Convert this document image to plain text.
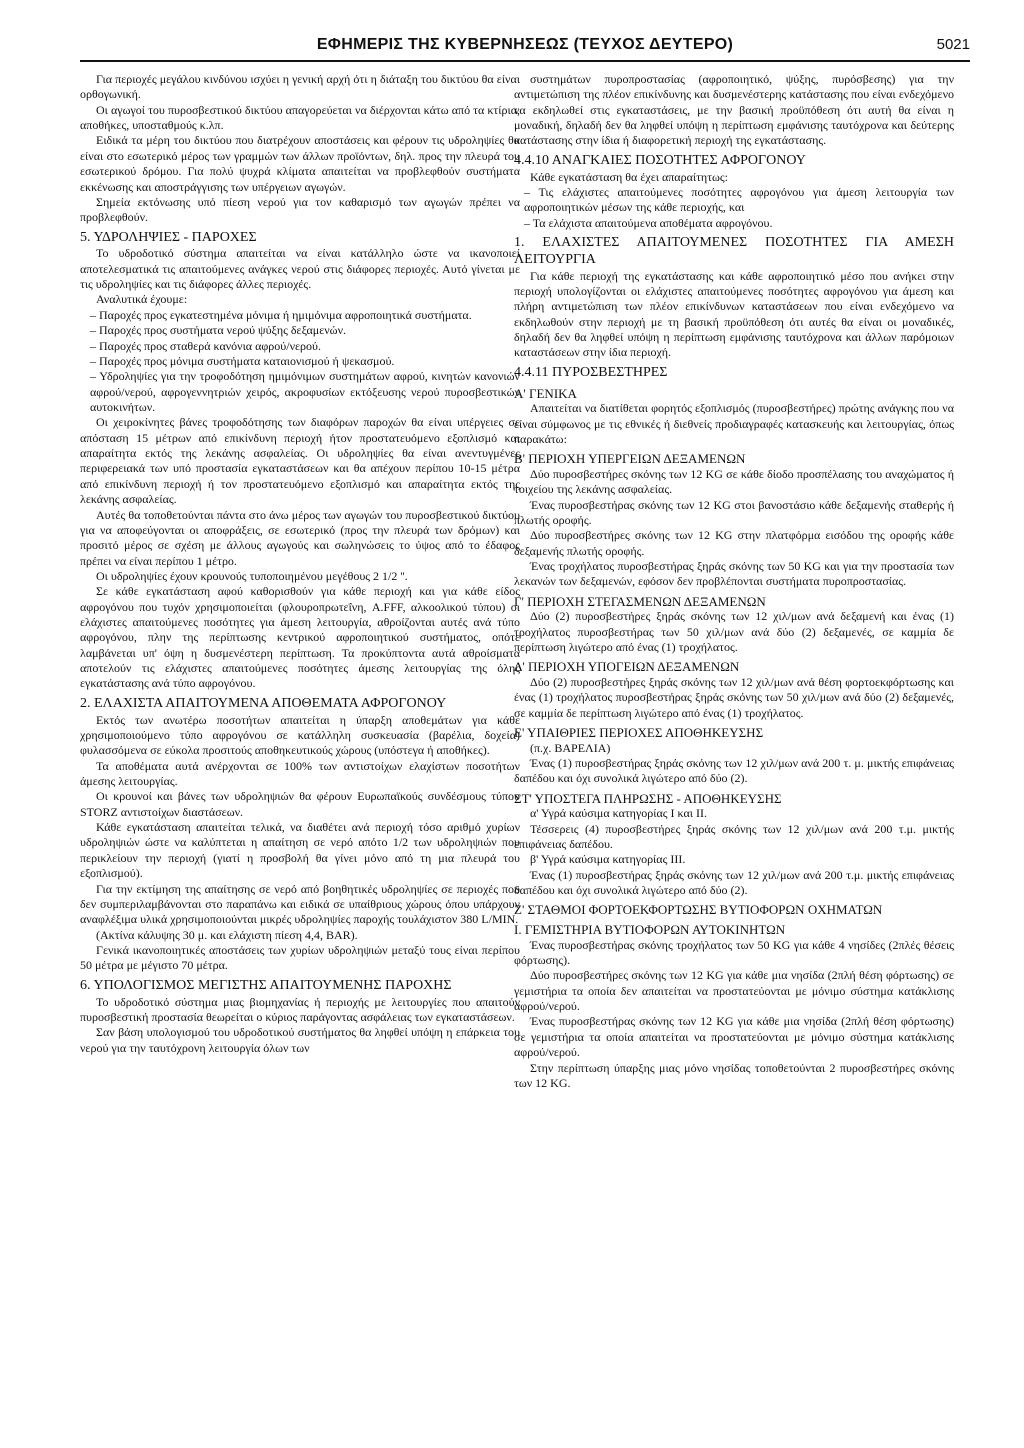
ΕΦΗΜΕΡΙΣ ΤΗΣ ΚΥΒΕΡΝΗΣΕΩΣ (ΤΕΥΧΟΣ ΔΕΥΤΕΡΟ)	5021

Για περιοχές μεγάλου κινδύνου ισχύει η γενική αρχή ότι η διάταξη του δικτύου θα είναι ορθογωνική.

Οι αγωγοί του πυροσβεστικού δικτύου απαγορεύεται να διέρχονται κάτω από τα κτίρια, αποθήκες, υποσταθμούς κ.λπ.

Ειδικά τα μέρη του δικτύου που διατρέχουν αποστάσεις και φέρουν τις υδροληψίες θα είναι στο εσωτερικό μέρος των γραμμών των άλλων προϊόντων, δηλ. προς την πλευρά του εσωτερικού δρόμου. Για πολύ ψυχρά κλίματα απαιτείται να προβλεφθούν συστήματα εκκένωσης και αποστράγγισης των υπέργειων αγωγών.

Σημεία εκτόνωσης υπό πίεση νερού για τον καθαρισμό των αγωγών πρέπει να προβλεφθούν.

5. ΥΔΡΟΛΗΨΙΕΣ - ΠΑΡΟΧΕΣ

Το υδροδοτικό σύστημα απαιτείται να είναι κατάλληλο ώστε να ικανοποιεί αποτελεσματικά τις απαιτούμενες ανάγκες νερού στις διάφορες περιοχές. Αυτό γίνεται με τις υδροληψίες και τις διάφορες άλλες περιοχές.

Αναλυτικά έχουμε:

– Παροχές προς εγκατεστημένα μόνιμα ή ημιμόνιμα αφροποιητικά συστήματα.

– Παροχές προς συστήματα νερού ψύξης δεξαμενών.

– Παροχές προς σταθερά κανόνια αφρού/νερού.

– Παροχές προς μόνιμα συστήματα καταιονισμού ή ψεκασμού.

– Υδροληψίες για την τροφοδότηση ημιμόνιμων συστημάτων αφρού, κινητών κανονιών αφρού/νερού, αφρογεννητριών χειρός, ακροφυσίων εκτόξευσης νερού πυροσβεστικών αυτοκινήτων.

Οι χειροκίνητες βάνες τροφοδότησης των διαφόρων παροχών θα είναι υπέργειες σε απόσταση 15 μέτρων από επικίνδυνη περιοχή ήτον προστατευόμενο εξοπλισμό και απαραίτητα εκτός της λεκάνης ασφαλείας. Οι υδροληψίες θα είναι ανεντυγμένες περιφερειακά των υπό προστασία εγκαταστάσεων και θα απέχουν περίπου 10-15 μέτρα από επικίνδυνη περιοχή ή τον προστατευόμενο εξοπλισμό και απαραίτητα εκτός της λεκάνης ασφαλείας.

Αυτές θα τοποθετούνται πάντα στο άνω μέρος των αγωγών του πυροσβεστικού δικτύου για να αποφεύγονται οι αποφράξεις, σε εσωτερικό (προς την πλευρά των δρόμων) και προσιτό μέρος σε σχέση με άλλους αγωγούς και σωληνώσεις το ύψος από το έδαφος πρέπει να είναι περίπου 1 μέτρο.

Οι υδροληψίες έχουν κρουνούς τυποποιημένου μεγέθους 2 1/2 ''.

Σε κάθε εγκατάσταση αφού καθορισθούν για κάθε περιοχή και για κάθε είδος αφρογόνου που τυχόν χρησιμοποιείται (φλουροπρωτεΐνη, A.FFF, αλκοολικού τύπου) οι ελάχιστες απαιτούμενες ποσότητες για άμεση λειτουργία, αθροίζονται αυτές ανά τύπο αφρογόνου, πλην της περίπτωσης κεντρικού αφροποιητικού συστήματος, οπότε λαμβάνεται υπ' όψη η δυσμενέστερη περίπτωση. Τα προκύπτοντα αυτά αθροίσματα αποτελούν τις ελάχιστες απαιτούμενες ποσότητες άμεσης λειτουργίας της όλης εγκατάστασης ανά τύπο αφρογόνου.

2. ΕΛΑΧΙΣΤΑ ΑΠΑΙΤΟΥΜΕΝΑ ΑΠΟΘΕΜΑΤΑ ΑΦΡΟΓΟΝΟΥ

Εκτός των ανωτέρω ποσοτήτων απαιτείται η ύπαρξη αποθεμάτων για κάθε χρησιμοποιούμενο τύπο αφρογόνου σε κατάλληλη συσκευασία (βαρέλια, δοχεία) φυλασσόμενα σε εύκολα προσιτούς αποθηκευτικούς χώρους (υπόστεγα ή αποθήκες).

Τα αποθέματα αυτά ανέρχονται σε 100% των αντιστοίχων ελαχίστων ποσοτήτων άμεσης λειτουργίας.

Οι κρουνοί και βάνες των υδροληψιών θα φέρουν Ευρωπαϊκούς συνδέσμους τύπου STORZ αντιστοίχων διαστάσεων.

Κάθε εγκατάσταση απαιτείται τελικά, να διαθέτει ανά περιοχή τόσο αριθμό χυρίων υδροληψιών ώστε να καλύπτεται η απαίτηση σε νερό απότο 1/2 των υδροληψιών που περικλείουν την περιοχή (γιατί η προσβολή θα γίνει μόνο από τη μια πλευρά του εξοπλισμού).

Για την εκτίμηση της απαίτησης σε νερό από βοηθητικές υδροληψίες σε περιοχές που δεν συμπεριλαμβάνονται στο παραπάνω και ειδικά σε υπαίθριους χώρους όπου υπάρχουν αναφλέξιμα υλικά χρησιμοποιούνται μικρές υδροληψίες παροχής τουλάχιστον 380 L/MIN.

(Ακτίνα κάλυψης 30 μ. και ελάχιστη πίεση 4,4, BAR).

Γενικά ικανοποιητικές αποστάσεις των χυρίων υδροληψιών μεταξύ τους είναι περίπου 50 μέτρα με μέγιστο 70 μέτρα.

6. ΥΠΟΛΟΓΙΣΜΟΣ ΜΕΓΙΣΤΗΣ ΑΠΑΙΤΟΥΜΕΝΗΣ ΠΑΡΟΧΗΣ

Το υδροδοτικό σύστημα μιας βιομηχανίας ή περιοχής με λειτουργίες που απαιτούν πυροσβεστική προστασία θεωρείται ο κύριος παράγοντας ασφάλειας των εγκαταστάσεων.

Σαν βάση υπολογισμού του υδροδοτικού συστήματος θα ληφθεί υπόψη η επάρκεια του νερού για την ταυτόχρονη λειτουργία όλων των

συστημάτων πυροπροστασίας (αφροποιητικό, ψύξης, πυρόσβεσης) για την αντιμετώπιση της πλέον επικίνδυνης και δυσμενέστερης κατάστασης που είναι ενδεχόμενο να εκδηλωθεί στις εγκαταστάσεις, με την βασική προϋπόθεση ότι αυτή θα είναι η μοναδική, δηλαδή δεν θα ληφθεί υπόψη η περίπτωση εμφάνισης ταυτόχρονα και δεύτερης κατάστασης στην ίδια ή διαφορετική περιοχή της εγκατάστασης.

4.4.10 ΑΝΑΓΚΑΙΕΣ ΠΟΣΟΤΗΤΕΣ ΑΦΡΟΓΟΝΟΥ

Κάθε εγκατάσταση θα έχει απαραίτητως:

– Τις ελάχιστες απαιτούμενες ποσότητες αφρογόνου για άμεση λειτουργία των αφροποιητικών μέσων της κάθε περιοχής, και

– Τα ελάχιστα απαιτούμενα αποθέματα αφρογόνου.

1. ΕΛΑΧΙΣΤΕΣ ΑΠΑΙΤΟΥΜΕΝΕΣ ΠΟΣΟΤΗΤΕΣ ΓΙΑ ΑΜΕΣΗ ΛΕΙΤΟΥΡΓΙΑ

Για κάθε περιοχή της εγκατάστασης και κάθε αφροποιητικό μέσο που ανήκει στην περιοχή υπολογίζονται οι ελάχιστες απαιτούμενες ποσότητες αφρογόνου για άμεση και πλήρη αντιμετώπιση των πλέον επικίνδυνων καταστάσεων που είναι ενδεχόμενο να εκδηλωθούν στην περιοχή με τη βασική προϋπόθεση ότι αυτές θα είναι οι μοναδικές, δηλαδή δεν θα ληφθεί υπόψη η περίπτωση εμφάνισης ταυτόχρονα και άλλων παρόμοιων καταστάσεων στην ίδια περιοχή.

4.4.11 ΠΥΡΟΣΒΕΣΤΗΡΕΣ

Α' ΓΕΝΙΚΑ

Απαιτείται να διατίθεται φορητός εξοπλισμός (πυροσβεστήρες) πρώτης ανάγκης που να είναι σύμφωνος με τις εθνικές ή διεθνείς προδιαγραφές κατασκευής και λειτουργίας, όπως παρακάτω:

Β' ΠΕΡΙΟΧΗ ΥΠΕΡΓΕΙΩΝ ΔΕΞΑΜΕΝΩΝ

Δύο πυροσβεστήρες σκόνης των 12 KG σε κάθε δίοδο προσπέλασης του αναχώματος ή τοιχείου της λεκάνης ασφαλείας.

Ένας πυροσβεστήρας σκόνης των 12 KG στοι βανοστάσιο κάθε δεξαμενής σταθερής ή πλωτής οροφής.

Δύο πυροσβεστήρες σκόνης των 12 KG στην πλατφόρμα εισόδου της οροφής κάθε δεξαμενής πλωτής οροφής.

Ένας τροχήλατος πυροσβεστήρας ξηράς σκόνης των 50 KG και για την προστασία των λεκανών των δεξαμενών, εφόσον δεν προβλέπονται συστήματα πυροπροστασίας.

Γ' ΠΕΡΙΟΧΗ ΣΤΕΓΑΣΜΕΝΩΝ ΔΕΞΑΜΕΝΩΝ

Δύο (2) πυροσβεστήρες ξηράς σκόνης των 12 χιλ/μων ανά δεξαμενή και ένας (1) τροχήλατος πυροσβεστήρας των 50 χιλ/μων ανά δύο (2) δεξαμενές, σε καμμία δε περίπτωση λιγώτερο από ένας (1) τροχήλατος.

Δ' ΠΕΡΙΟΧΗ ΥΠΟΓΕΙΩΝ ΔΕΞΑΜΕΝΩΝ

Δύο (2) πυροσβεστήρες ξηράς σκόνης των 12 χιλ/μων ανά θέση φορτοεκφόρτωσης και ένας (1) τροχήλατος πυροσβεστήρας ξηράς σκόνης των 50 χιλ/μων ανά δύο (2) δεξαμενές, σε καμμία δε περίπτωση λιγώτερο από ένας (1) τροχήλατος.

Ε' ΥΠΑΙΘΡΙΕΣ ΠΕΡΙΟΧΕΣ ΑΠΟΘΗΚΕΥΣΗΣ

(π.χ. ΒΑΡΕΛΙΑ)

Ένας (1) πυροσβεστήρας ξηράς σκόνης των 12 χιλ/μων ανά 200 τ. μ. μικτής επιφάνειας δαπέδου και όχι συνολικά λιγώτερο από δύο (2).

ΣΤ' ΥΠΟΣΤΕΓΑ ΠΛΗΡΩΣΗΣ - ΑΠΟΘΗΚΕΥΣΗΣ

α' Υγρά καύσιμα κατηγορίας Ι και ΙΙ.

Τέσσερεις (4) πυροσβεστήρες ξηράς σκόνης των 12 χιλ/μων ανά 200 τ.μ. μικτής επιφάνειας δαπέδου.

β' Υγρά καύσιμα κατηγορίας ΙΙΙ.

Ένας (1) πυροσβεστήρας ξηράς σκόνης των 12 χιλ/μων ανά 200 τ.μ. μικτής επιφάνειας δαπέδου και όχι συνολικά λιγώτερο από δύο (2).

Ζ' ΣΤΑΘΜΟΙ ΦΟΡΤΟΕΚΦΟΡΤΩΣΗΣ ΒΥΤΙΟΦΟΡΩΝ ΟΧΗΜΑΤΩΝ

Ι. ΓΕΜΙΣΤΗΡΙΑ ΒΥΤΙΟΦΟΡΩΝ ΑΥΤΟΚΙΝΗΤΩΝ

Ένας πυροσβεστήρας σκόνης τροχήλατος των 50 KG για κάθε 4 νησίδες (2πλές θέσεις φόρτωσης).

Δύο πυροσβεστήρες σκόνης των 12 KG για κάθε μια νησίδα (2πλή θέση φόρτωσης) σε γεμιστήρια τα οποία δεν απαιτείται να προστατεύονται με μόνιμο σύστημα κατάκλισης αφρού/νερού.

Ένας πυροσβεστήρας σκόνης των 12 KG για κάθε μια νησίδα (2πλή θέση φόρτωσης) σε γεμιστήρια τα οποία απαιτείται να προστατεύονται με μόνιμο σύστημα κατάκλισης αφρού/νερού.

Στην περίπτωση ύπαρξης μιας μόνο νησίδας τοποθετούνται 2 πυροσβεστήρες σκόνης των 12 KG.
